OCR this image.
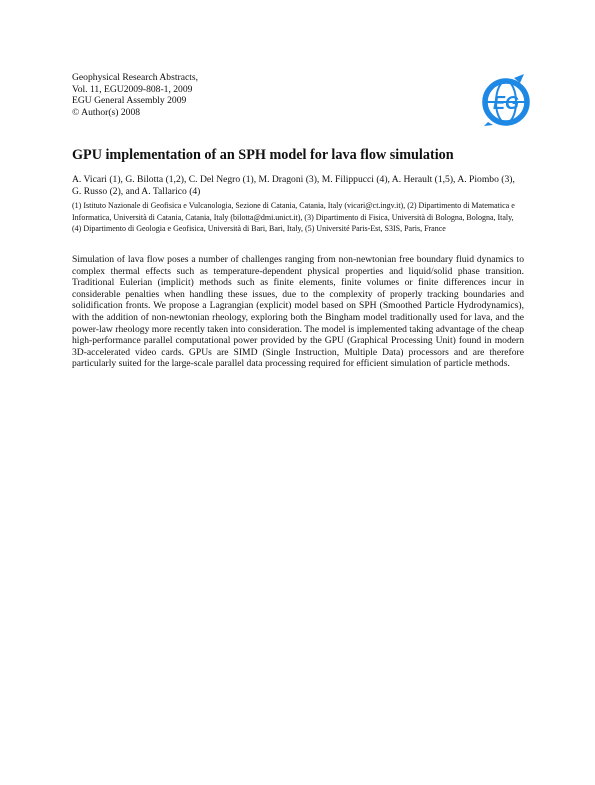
Geophysical Research Abstracts,
Vol. 11, EGU2009-808-1, 2009
EGU General Assembly 2009
© Author(s) 2008	EG
GPU implementation of an SPH model for lava flow simulation
A. Vicari (1), G. Bilotta (1,2), C. Del Negro (1), M. Dragoni (3), M. Filippucci (4), A. Herault (1,5), A. Piombo (3), G. Russo (2), and A. Tallarico (4)
(1) Istituto Nazionale di Geofisica e Vulcanologia, Sezione di Catania, Catania, Italy (vicari@ct.ingv.it), (2) Dipartimento di Matematica e Informatica, Università di Catania, Catania, Italy (bilotta@dmi.unict.it), (3) Dipartimento di Fisica, Università di Bologna, Bologna, Italy, (4) Dipartimento di Geologia e Geofisica, Università di Bari, Bari, Italy, (5) Université Paris-Est, S3IS, Paris, France
Simulation of lava flow poses a number of challenges ranging from non-newtonian free boundary fluid dynamics to complex thermal effects such as temperature-dependent physical properties and liquid/solid phase transition. Traditional Eulerian (implicit) methods such as finite elements, finite volumes or finite differences incur in considerable penalties when handling these issues, due to the complexity of properly tracking boundaries and solidification fronts. We propose a Lagrangian (explicit) model based on SPH (Smoothed Particle Hydrodynamics), with the addition of non-newtonian rheology, exploring both the Bingham model traditionally used for lava, and the power-law rheology more recently taken into consideration. The model is implemented taking advantage of the cheap high-performance parallel computational power provided by the GPU (Graphical Processing Unit) found in modern 3D-accelerated video cards. GPUs are SIMD (Single Instruction, Multiple Data) processors and are therefore particularly suited for the large-scale parallel data processing required for efficient simulation of particle methods.
